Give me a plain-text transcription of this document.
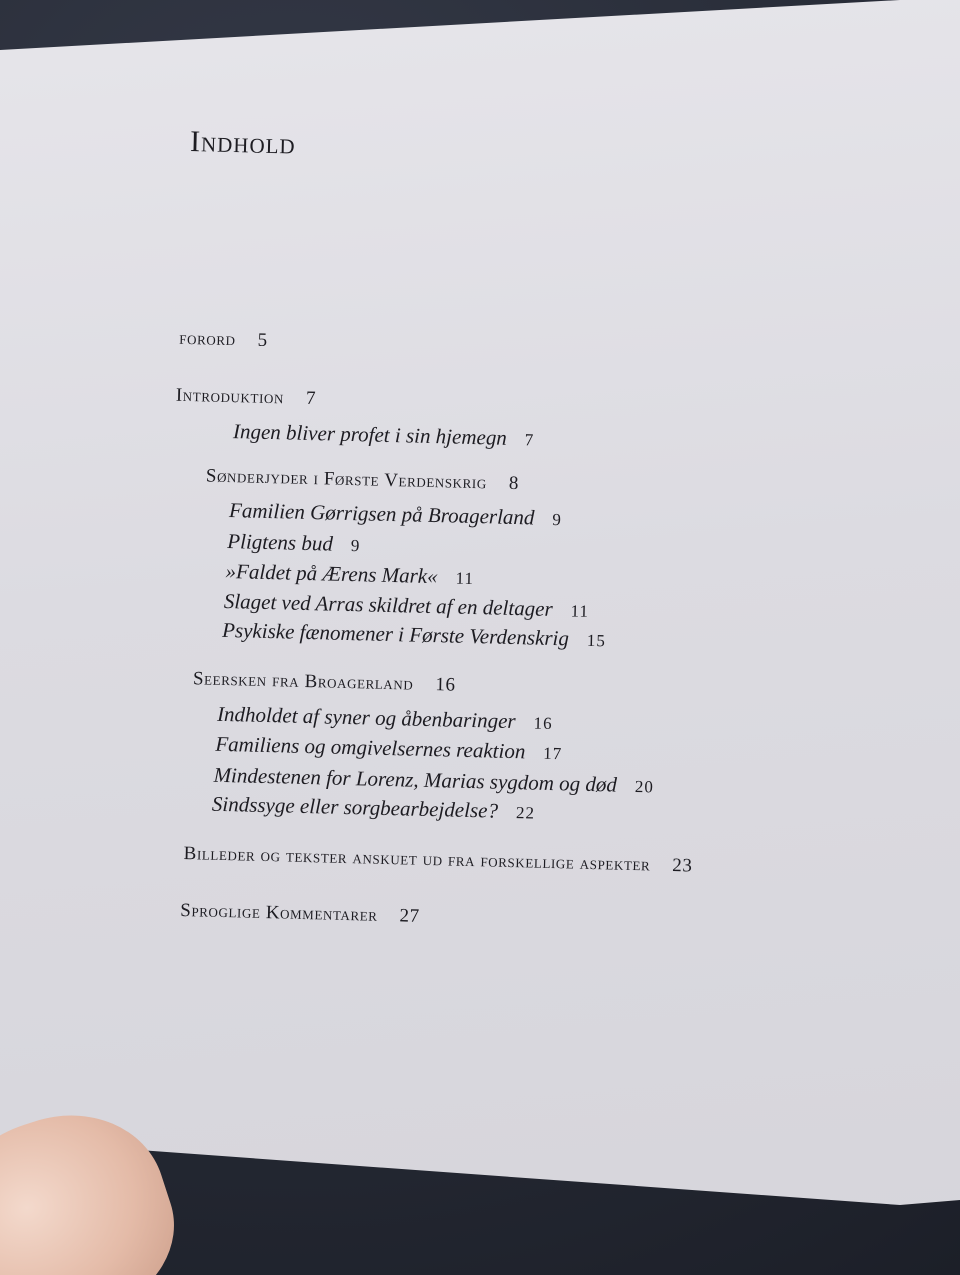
Indhold
forord 5
Introduktion 7
Ingen bliver profet i sin hjemegn 7
Sønderjyder i Første Verdenskrig 8
Familien Gørrigsen på Broagerland 9
Pligtens bud 9
»Faldet på Ærens Mark« 11
Slaget ved Arras skildret af en deltager 11
Psykiske fænomener i Første Verdenskrig 15
Seersken fra Broagerland 16
Indholdet af syner og åbenbaringer 16
Familiens og omgivelsernes reaktion 17
Mindestenen for Lorenz, Marias sygdom og død 20
Sindssyge eller sorgbearbejdelse? 22
Billeder og tekster anskuet ud fra forskellige aspekter 23
Sproglige Kommentarer 27
